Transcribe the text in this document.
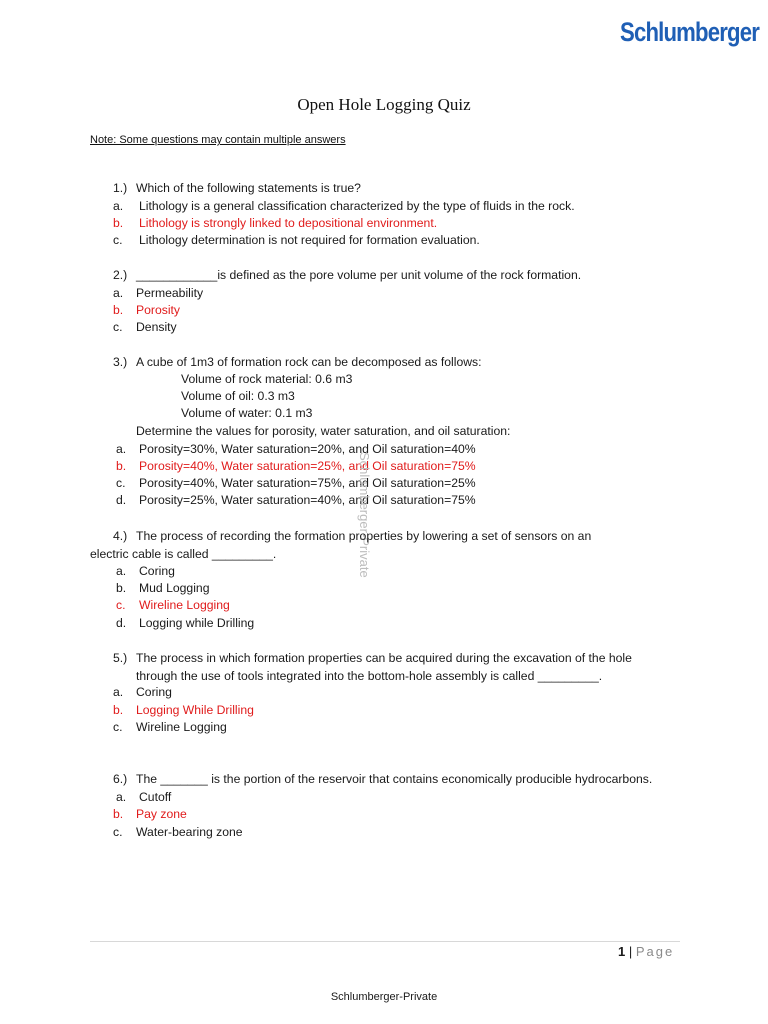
Schlumberger
Open Hole Logging Quiz
Note: Some questions may contain multiple answers
1.) Which of the following statements is true?
a. Lithology is a general classification characterized by the type of fluids in the rock.
b. Lithology is strongly linked to depositional environment.
c. Lithology determination is not required for formation evaluation.
2.) ____________is defined as the pore volume per unit volume of the rock formation.
a. Permeability
b. Porosity
c. Density
3.) A cube of 1m3 of formation rock can be decomposed as follows:
Volume of rock material: 0.6 m3
Volume of oil: 0.3 m3
Volume of water: 0.1 m3
Determine the values for porosity, water saturation, and oil saturation:
a. Porosity=30%, Water saturation=20%, and Oil saturation=40%
b. Porosity=40%, Water saturation=25%, and Oil saturation=75%
c. Porosity=40%, Water saturation=75%, and Oil saturation=25%
d. Porosity=25%, Water saturation=40%, and Oil saturation=75%
Schlumberger-Private
4.) The process of recording the formation properties by lowering a set of sensors on an
electric cable is called _________.
a. Coring
b. Mud Logging
c. Wireline Logging
d. Logging while Drilling
5.) The process in which formation properties can be acquired during the excavation of the hole
through the use of tools integrated into the bottom-hole assembly is called _________.
a. Coring
b. Logging While Drilling
c. Wireline Logging
6.) The _______ is the portion of the reservoir that contains economically producible hydrocarbons.
a. Cutoff
b. Pay zone
c. Water-bearing zone
1 | Page
Schlumberger-Private
